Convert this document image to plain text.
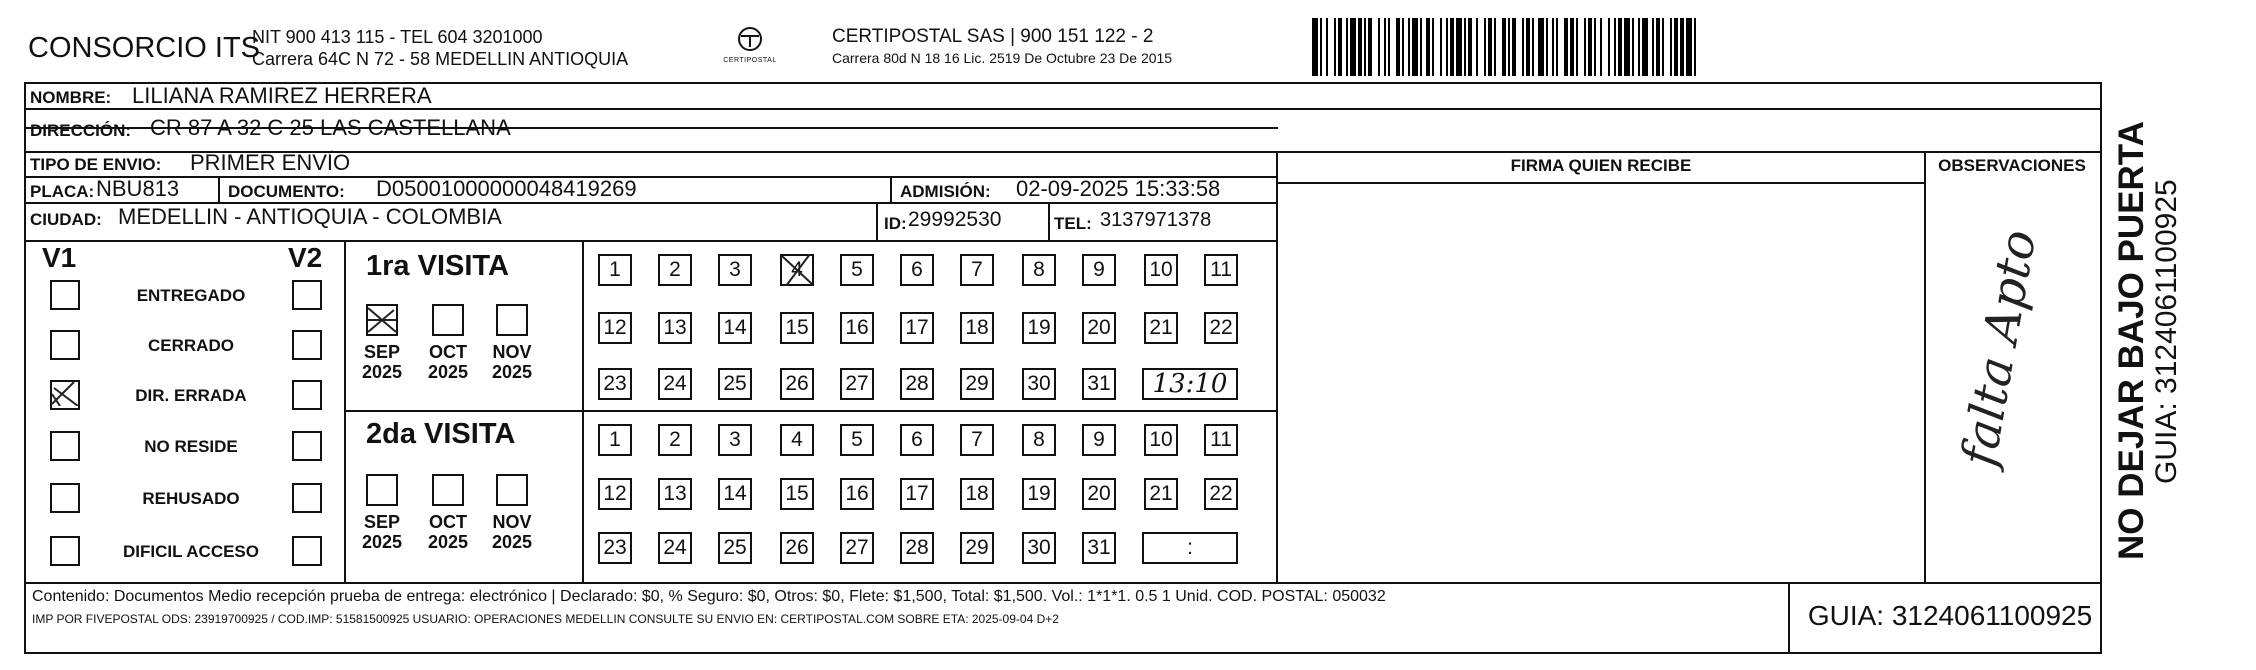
CONSORCIO ITS
NIT 900 413 115 - TEL 604 3201000
Carrera 64C N 72 - 58 MEDELLIN ANTIOQUIA	CERTIPOSTAL
CERTIPOSTAL SAS | 900 151 122 - 2
Carrera 80d N 18 16 Lic. 2519 De Octubre 23 De 2015
NOMBRE: LILIANA RAMIREZ HERRERA
DIRECCIÓN: CR 87 A 32 C 25 LAS CASTELLANA
TIPO DE ENVIO: PRIMER ENVÍO
PLACA: NBU813	DOCUMENTO: D05001000000048419269	ADMISIÓN: 02-09-2025 15:33:58
CIUDAD: MEDELLIN - ANTIOQUIA - COLOMBIA	ID: 29992530	TEL: 3137971378
FIRMA QUIEN RECIBE	OBSERVACIONES
falta Apto
V1	V2 1ra VISITA
2da VISITA
Contenido: Documentos Medio recepción prueba de entrega: electrónico | Declarado: $0, % Seguro: $0, Otros: $0, Flete: $1,500, Total: $1,500. Vol.: 1*1*1. 0.5 1 Unid. COD. POSTAL: 050032
IMP POR FIVEPOSTAL ODS: 23919700925 / COD.IMP: 51581500925 USUARIO: OPERACIONES MEDELLIN CONSULTE SU ENVIO EN: CERTIPOSTAL.COM SOBRE ETA: 2025-09-04 D+2	GUIA: 3124061100925
NO DEJAR BAJO PUERTA GUIA: 3124061100925
ENTREGADO
CERRADO
DIR. ERRADA
NO RESIDE
REHUSADO
DIFICIL ACCESO
SEP
2025
OCT
2025
NOV
2025
SEP
2025
OCT
2025
NOV
2025
1	2	3	4	5	6	7	8	9	10 11
12 13 14 15 16 17 18 19 20 21 22
23 24 25 26 27 28 29 30 31	13:10
1	2	3	4	5	6	7	8	9	10 11
12 13 14 15 16 17 18 19 20 21 22
23 24 25 26 27 28 29 30 31	:
